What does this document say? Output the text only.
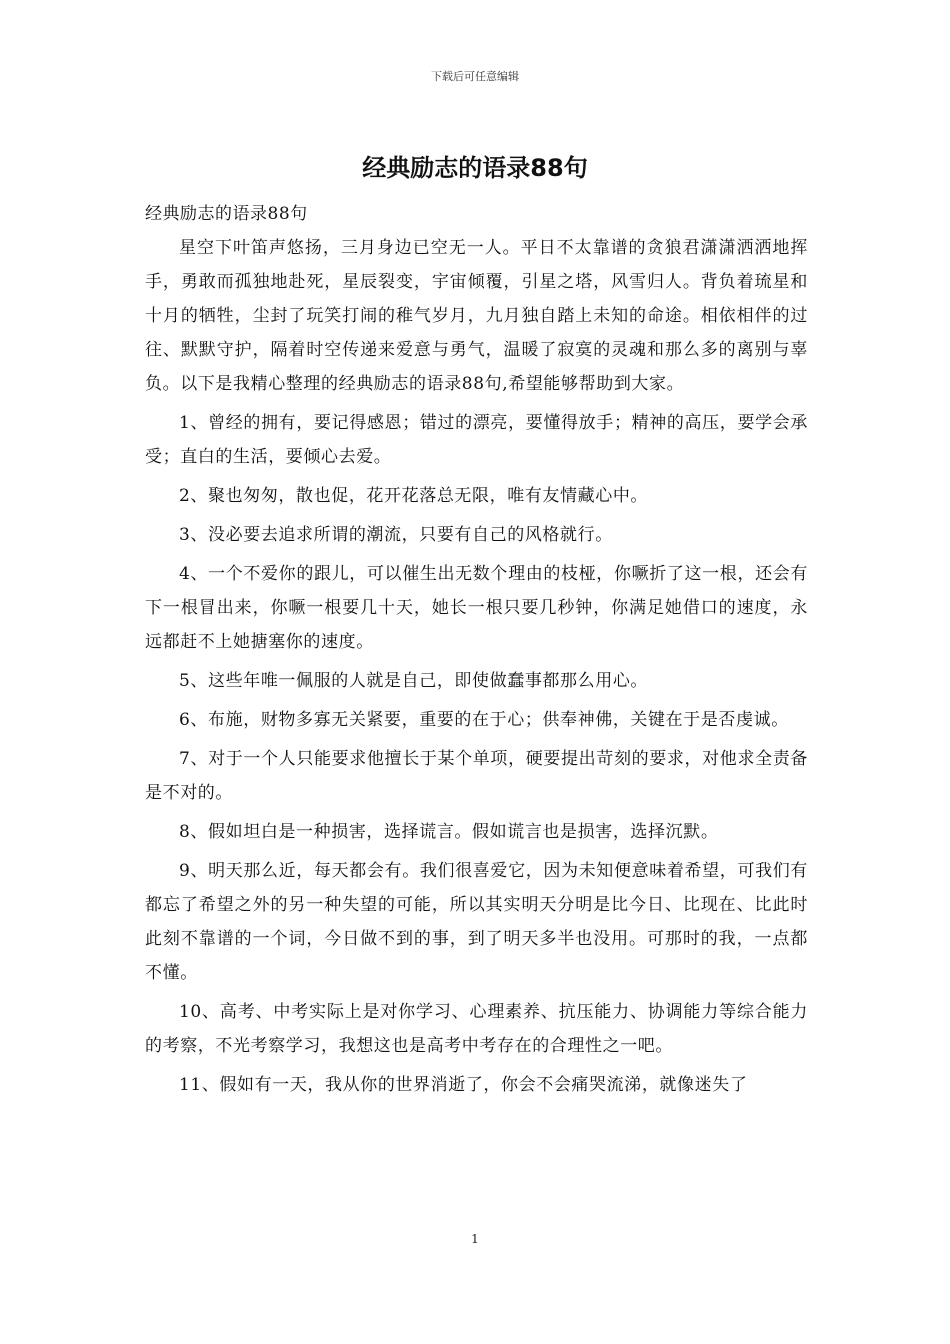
下载后可任意编辑
经典励志的语录88句

经典励志的语录88句

星空下叶笛声悠扬，三月身边已空无一人。平日不太靠谱的贪狼君潇潇洒洒地挥手，勇敢而孤独地赴死，星辰裂变，宇宙倾覆，引星之塔，风雪归人。背负着琉星和十月的牺牲，尘封了玩笑打闹的稚气岁月，九月独自踏上未知的命途。相依相伴的过往、默默守护，隔着时空传递来爱意与勇气，温暖了寂寞的灵魂和那么多的离别与辜负。以下是我精心整理的经典励志的语录88句,希望能够帮助到大家。

1、曾经的拥有，要记得感恩；错过的漂亮，要懂得放手；精神的高压，要学会承受；直白的生活，要倾心去爱。

2、聚也匆匆，散也促，花开花落总无限，唯有友情藏心中。

3、没必要去追求所谓的潮流，只要有自己的风格就行。

4、一个不爱你的跟儿，可以催生出无数个理由的枝桠，你噘折了这一根，还会有下一根冒出来，你噘一根要几十天，她长一根只要几秒钟，你满足她借口的速度，永远都赶不上她搪塞你的速度。

5、这些年唯一佩服的人就是自己，即使做蠢事都那么用心。

6、布施，财物多寡无关紧要，重要的在于心；供奉神佛，关键在于是否虔诚。

7、对于一个人只能要求他擅长于某个单项，硬要提出苛刻的要求，对他求全责备是不对的。

8、假如坦白是一种损害，选择谎言。假如谎言也是损害，选择沉默。

9、明天那么近，每天都会有。我们很喜爱它，因为未知便意味着希望，可我们有都忘了希望之外的另一种失望的可能，所以其实明天分明是比今日、比现在、比此时此刻不靠谱的一个词，今日做不到的事，到了明天多半也没用。可那时的我，一点都不懂。

10、高考、中考实际上是对你学习、心理素养、抗压能力、协调能力等综合能力的考察，不光考察学习，我想这也是高考中考存在的合理性之一吧。

11、假如有一天，我从你的世界消逝了，你会不会痛哭流涕，就像迷失了

1
